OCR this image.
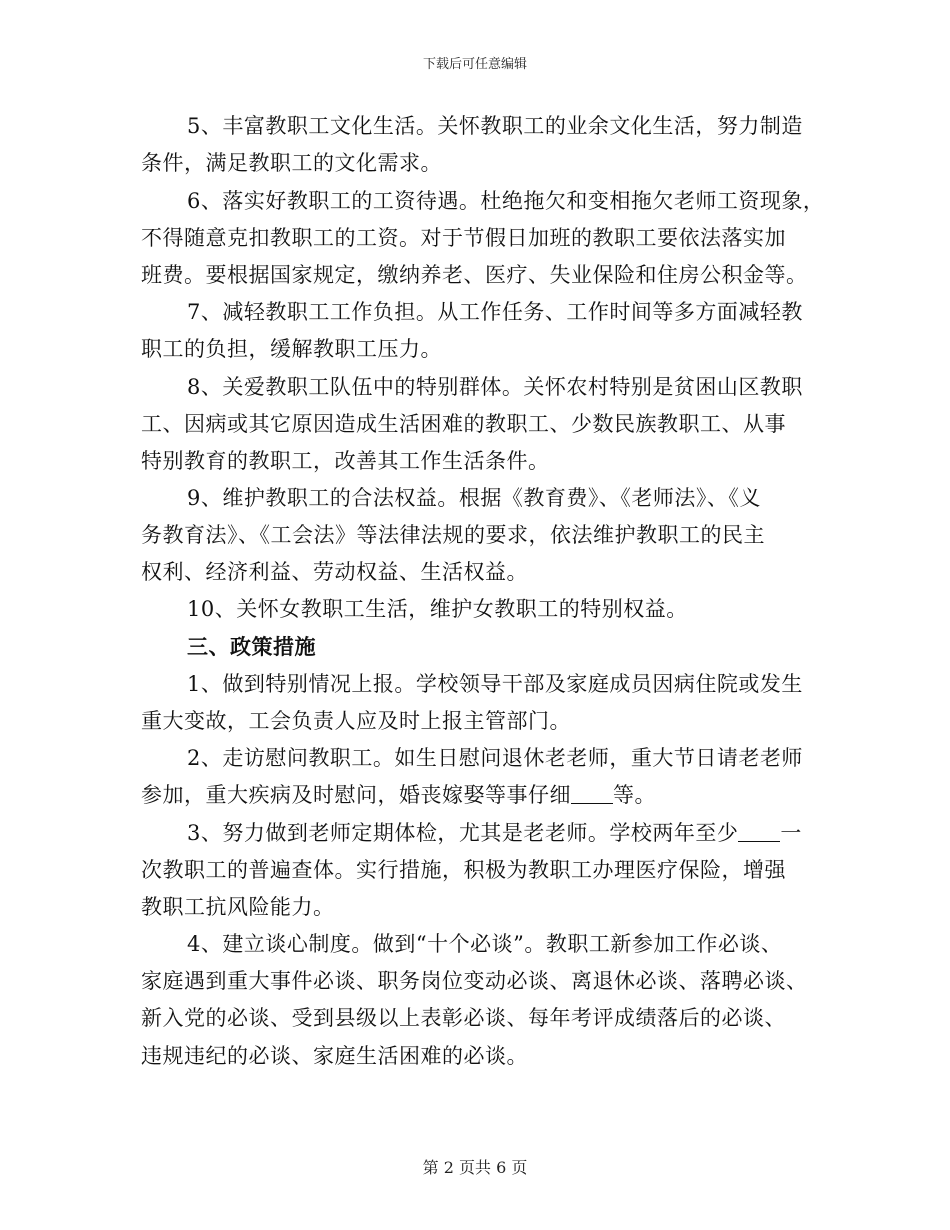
下载后可任意编辑
5、丰富教职工文化生活。关怀教职工的业余文化生活，努力制造
条件，满足教职工的文化需求。
6、落实好教职工的工资待遇。杜绝拖欠和变相拖欠老师工资现象，
不得随意克扣教职工的工资。对于节假日加班的教职工要依法落实加
班费。要根据国家规定，缴纳养老、医疗、失业保险和住房公积金等。
7、减轻教职工工作负担。从工作任务、工作时间等多方面减轻教
职工的负担，缓解教职工压力。
8、关爱教职工队伍中的特别群体。关怀农村特别是贫困山区教职
工、因病或其它原因造成生活困难的教职工、少数民族教职工、从事
特别教育的教职工，改善其工作生活条件。
9、维护教职工的合法权益。根据《教育费》、《老师法》、《义
务教育法》、《工会法》等法律法规的要求，依法维护教职工的民主
权利、经济利益、劳动权益、生活权益。
10、关怀女教职工生活，维护女教职工的特别权益。
三、政策措施
1、做到特别情况上报。学校领导干部及家庭成员因病住院或发生
重大变故，工会负责人应及时上报主管部门。
2、走访慰问教职工。如生日慰问退休老老师，重大节日请老老师
参加，重大疾病及时慰问，婚丧嫁娶等事仔细 等。
3、努力做到老师定期体检，尤其是老老师。学校两年至少 一
次教职工的普遍查体。实行措施，积极为教职工办理医疗保险，增强
教职工抗风险能力。
4、建立谈心制度。做到“十个必谈”。教职工新参加工作必谈、
家庭遇到重大事件必谈、职务岗位变动必谈、离退休必谈、落聘必谈、
新入党的必谈、受到县级以上表彰必谈、每年考评成绩落后的必谈、
违规违纪的必谈、家庭生活困难的必谈。
第 2 页共 6 页
